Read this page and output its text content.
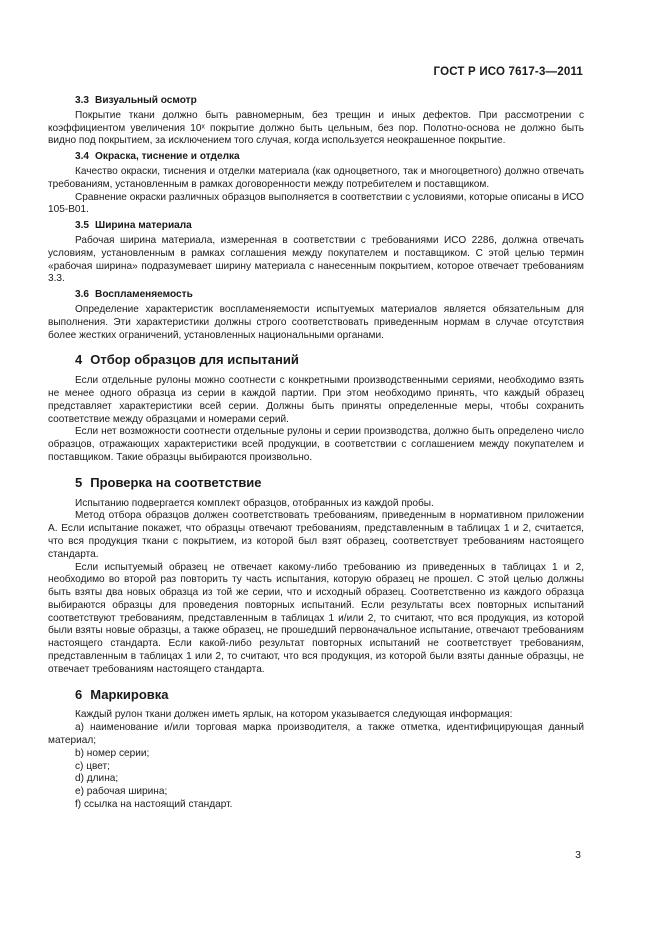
ГОСТ Р ИСО 7617-3—2011
3.3 Визуальный осмотр

Покрытие ткани должно быть равномерным, без трещин и иных дефектов. При рассмотрении с коэффициентом увеличения 10ˣ покрытие должно быть цельным, без пор. Полотно-основа не должно быть видно под покрытием, за исключением того случая, когда используется неокрашенное покрытие.

3.4 Окраска, тиснение и отделка

Качество окраски, тиснения и отделки материала (как одноцветного, так и многоцветного) должно отвечать требованиям, установленным в рамках договоренности между потребителем и поставщиком.

Сравнение окраски различных образцов выполняется в соответствии с условиями, которые описаны в ИСО 105-В01.

3.5 Ширина материала

Рабочая ширина материала, измеренная в соответствии с требованиями ИСО 2286, должна отвечать условиям, установленным в рамках соглашения между покупателем и поставщиком. С этой целью термин «рабочая ширина» подразумевает ширину материала с нанесенным покрытием, которое отвечает требованиям 3.3.

3.6 Воспламеняемость

Определение характеристик воспламеняемости испытуемых материалов является обязательным для выполнения. Эти характеристики должны строго соответствовать приведенным нормам в случае отсутствия более жестких ограничений, установленных национальными органами.

4 Отбор образцов для испытаний

Если отдельные рулоны можно соотнести с конкретными производственными сериями, необходимо взять не менее одного образца из серии в каждой партии. При этом необходимо принять, что каждый образец представляет характеристики всей серии. Должны быть приняты определенные меры, чтобы сохранить соответствие между образцами и номерами серий.

Если нет возможности соотнести отдельные рулоны и серии производства, должно быть определено число образцов, отражающих характеристики всей продукции, в соответствии с соглашением между покупателем и поставщиком. Такие образцы выбираются произвольно.

5 Проверка на соответствие

Испытанию подвергается комплект образцов, отобранных из каждой пробы.

Метод отбора образцов должен соответствовать требованиям, приведенным в нормативном приложении А. Если испытание покажет, что образцы отвечают требованиям, представленным в таблицах 1 и 2, считается, что вся продукция ткани с покрытием, из которой был взят образец, соответствует требованиям настоящего стандарта.

Если испытуемый образец не отвечает какому-либо требованию из приведенных в таблицах 1 и 2, необходимо во второй раз повторить ту часть испытания, которую образец не прошел. С этой целью должны быть взяты два новых образца из той же серии, что и исходный образец. Соответственно из каждого образца выбираются образцы для проведения повторных испытаний. Если результаты всех повторных испытаний соответствуют требованиям, представленным в таблицах 1 и/или 2, то считают, что вся продукция, из которой были взяты новые образцы, а также образец, не прошедший первоначальное испытание, отвечают требованиям настоящего стандарта. Если какой-либо результат повторных испытаний не соответствует требованиям, представленным в таблицах 1 или 2, то считают, что вся продукция, из которой были взяты данные образцы, не отвечает требованиям настоящего стандарта.

6 Маркировка

Каждый рулон ткани должен иметь ярлык, на котором указывается следующая информация:

a) наименование и/или торговая марка производителя, а также отметка, идентифицирующая данный материал;

b) номер серии;

c) цвет;

d) длина;

e) рабочая ширина;

f) ссылка на настоящий стандарт.

3
